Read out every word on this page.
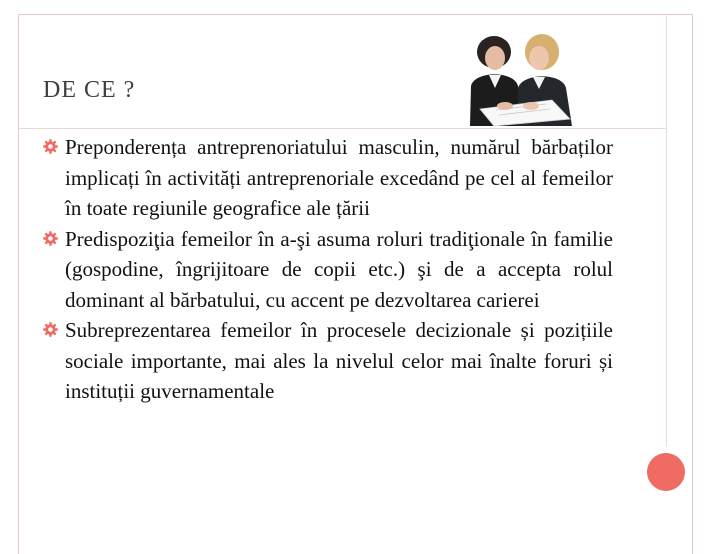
DE CE ?
Preponderența antreprenoriatului masculin, numărul bărbaților implicați în activități antreprenoriale excedând pe cel al femeilor în toate regiunile geografice ale țării
Predispoziţia femeilor în a-şi asuma roluri tradiţionale în familie (gospodine, îngrijitoare de copii etc.) şi de a accepta rolul dominant al bărbatului, cu accent pe dezvoltarea carierei
Subreprezentarea femeilor în procesele decizionale și pozițiile sociale importante, mai ales la nivelul celor mai înalte foruri și instituții guvernamentale
